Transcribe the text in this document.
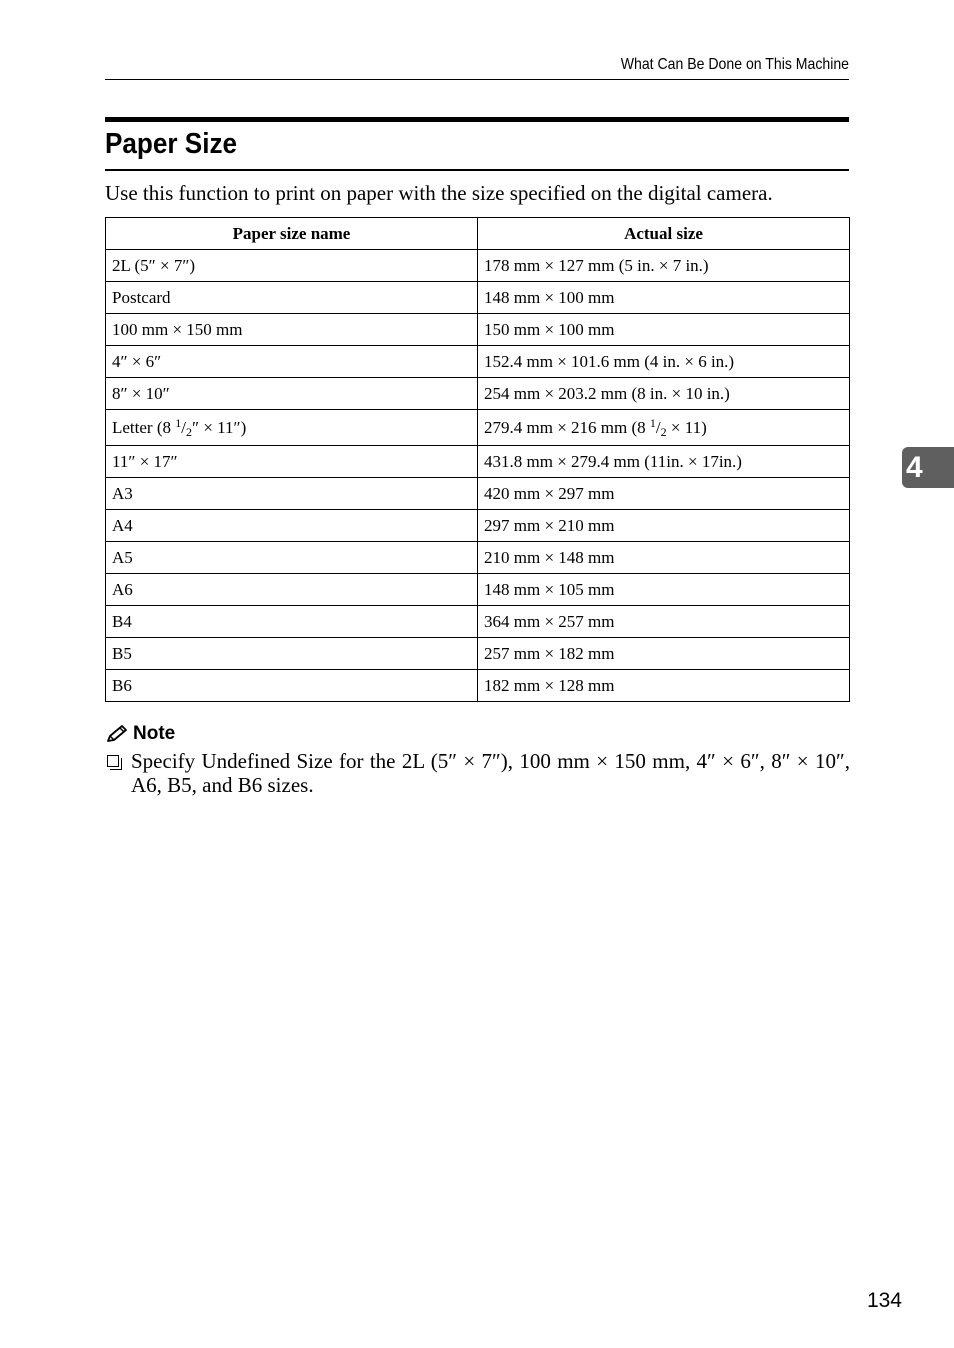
What Can Be Done on This Machine
Paper Size

Use this function to print on paper with the size specified on the digital camera.

Paper size name	Actual size
2L (5″ × 7″)	178 mm × 127 mm (5 in. × 7 in.)
Postcard	148 mm × 100 mm
100 mm × 150 mm	150 mm × 100 mm
4″ × 6″	152.4 mm × 101.6 mm (4 in. × 6 in.)
8″ × 10″	254 mm × 203.2 mm (8 in. × 10 in.)
Letter (8 $^1$/2″ × 11″)	279.4 mm × 216 mm (8 $^1$/2 × 11)
11″ × 17″	431.8 mm × 279.4 mm (11in. × 17in.)
A3	420 mm × 297 mm
A4	297 mm × 210 mm
A5	210 mm × 148 mm
A6	148 mm × 105 mm
B4	364 mm × 257 mm
B5	257 mm × 182 mm
B6	182 mm × 128 mm
Note
Specify Undefined Size for the 2L (5″ × 7″), 100 mm × 150 mm, 4″ × 6″, 8″ × 10″, A6, B5, and B6 sizes.
4
134
